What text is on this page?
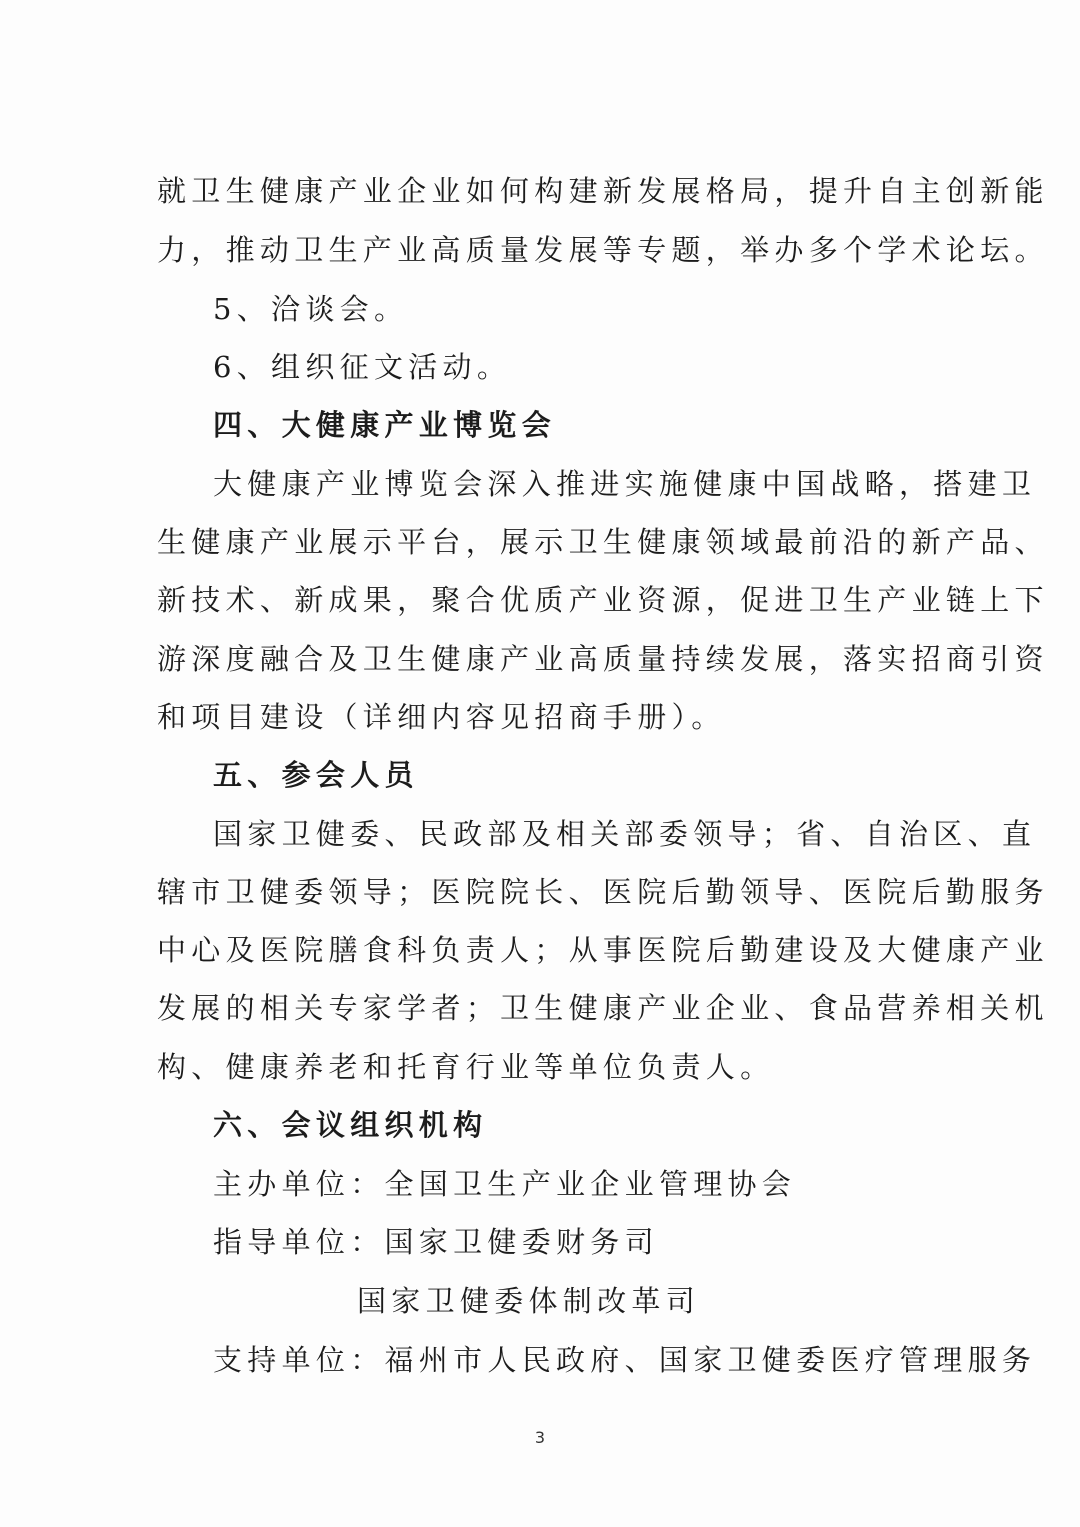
就卫生健康产业企业如何构建新发展格局，提升自主创新能
力，推动卫生产业高质量发展等专题，举办多个学术论坛。
5、洽谈会。
6、组织征文活动。
四、大健康产业博览会
大健康产业博览会深入推进实施健康中国战略，搭建卫
生健康产业展示平台，展示卫生健康领域最前沿的新产品、
新技术、新成果，聚合优质产业资源，促进卫生产业链上下
游深度融合及卫生健康产业高质量持续发展，落实招商引资
和项目建设（详细内容见招商手册）。
五、参会人员
国家卫健委、民政部及相关部委领导；省、自治区、直
辖市卫健委领导；医院院长、医院后勤领导、医院后勤服务
中心及医院膳食科负责人；从事医院后勤建设及大健康产业
发展的相关专家学者；卫生健康产业企业、食品营养相关机
构、健康养老和托育行业等单位负责人。
六、会议组织机构
主办单位：全国卫生产业企业管理协会
指导单位：国家卫健委财务司
国家卫健委体制改革司
支持单位：福州市人民政府、国家卫健委医疗管理服务
3
